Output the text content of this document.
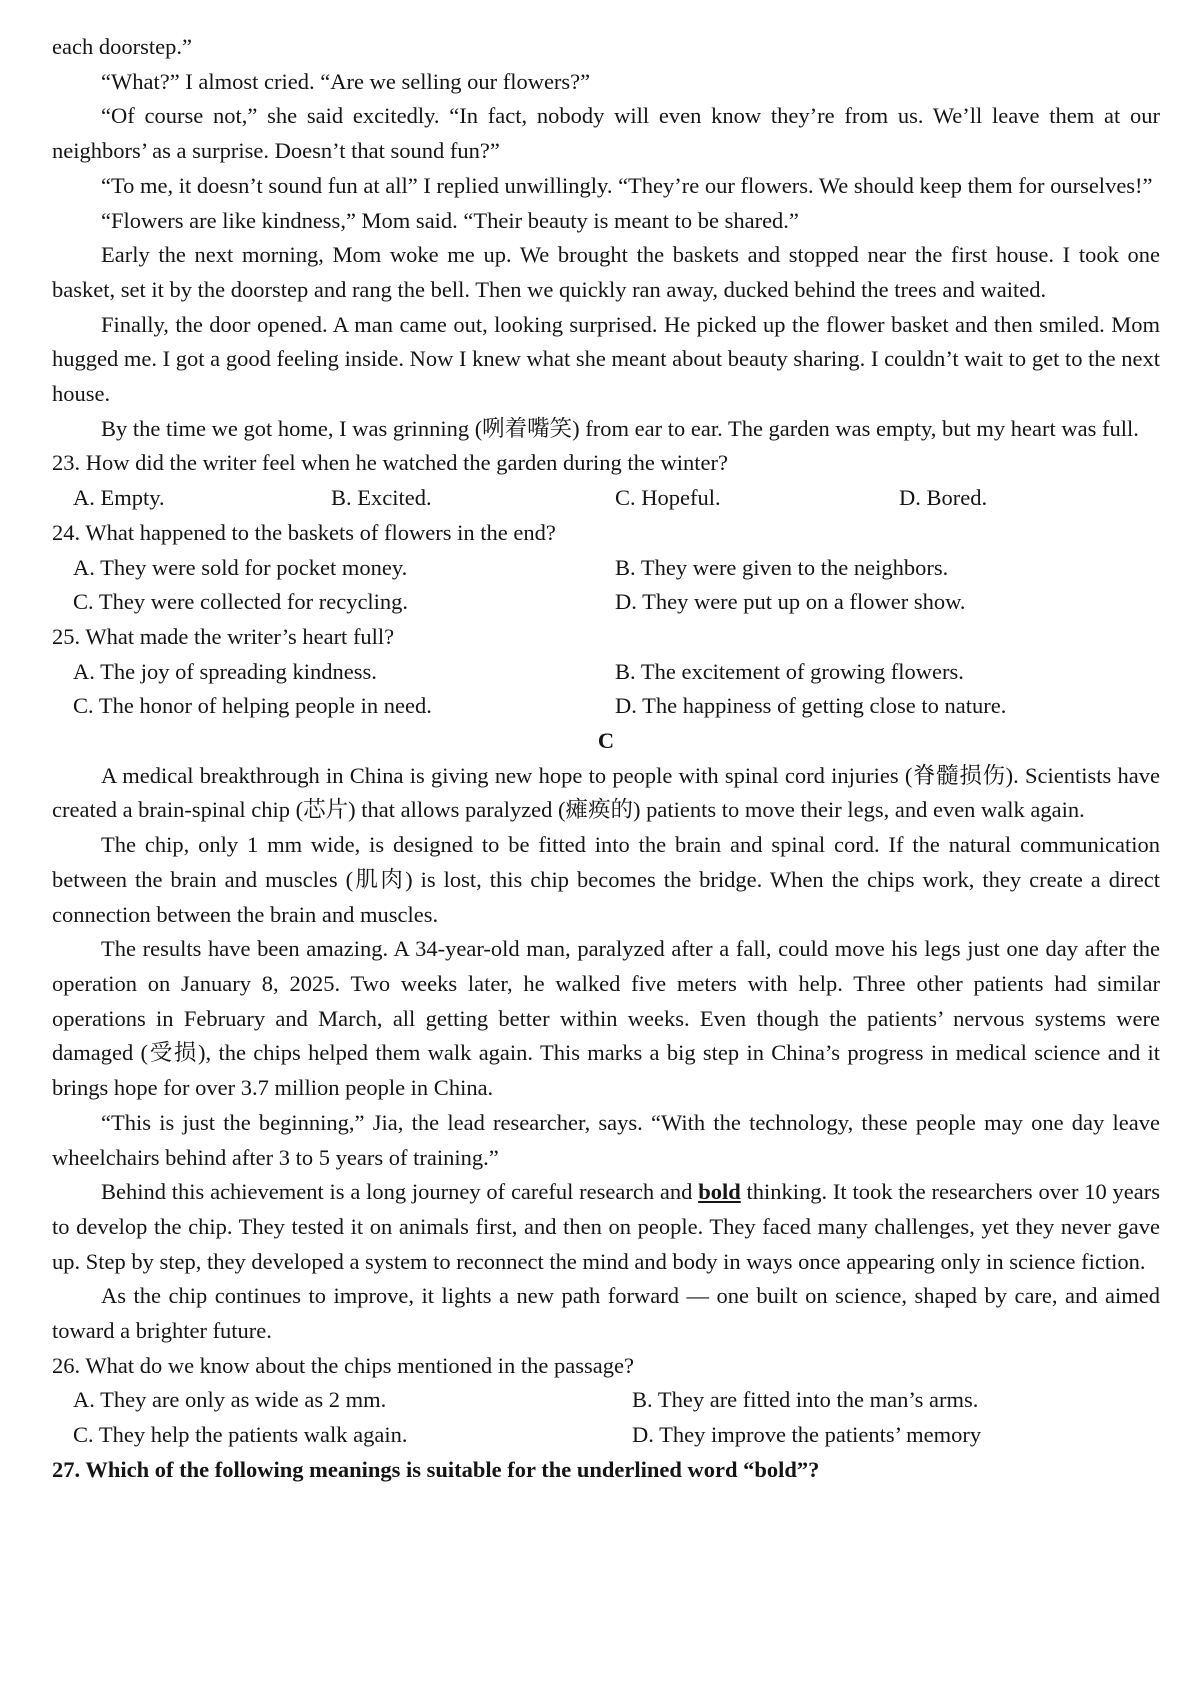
each doorstep.”

“What?” I almost cried. “Are we selling our flowers?”

“Of course not,” she said excitedly. “In fact, nobody will even know they’re from us. We’ll leave them at our neighbors’ as a surprise. Doesn’t that sound fun?”

“To me, it doesn’t sound fun at all” I replied unwillingly. “They’re our flowers. We should keep them for ourselves!”

“Flowers are like kindness,” Mom said. “Their beauty is meant to be shared.”

Early the next morning, Mom woke me up. We brought the baskets and stopped near the first house. I took one basket, set it by the doorstep and rang the bell. Then we quickly ran away, ducked behind the trees and waited.

Finally, the door opened. A man came out, looking surprised. He picked up the flower basket and then smiled. Mom hugged me. I got a good feeling inside. Now I knew what she meant about beauty sharing. I couldn’t wait to get to the next house.

By the time we got home, I was grinning (咧着嘴笑) from ear to ear. The garden was empty, but my heart was full.

23. How did the writer feel when he watched the garden during the winter?

A. Empty.	B. Excited.	C. Hopeful.	D. Bored.

24. What happened to the baskets of flowers in the end?

A. They were sold for pocket money.	B. They were given to the neighbors.
C. They were collected for recycling.	D. They were put up on a flower show.

25. What made the writer’s heart full?

A. The joy of spreading kindness.	B. The excitement of growing flowers.
C. The honor of helping people in need.	D. The happiness of getting close to nature.

C

A medical breakthrough in China is giving new hope to people with spinal cord injuries (脊髓损伤). Scientists have created a brain-spinal chip (芯片) that allows paralyzed (瘫痪的) patients to move their legs, and even walk again.

The chip, only 1 mm wide, is designed to be fitted into the brain and spinal cord. If the natural communication between the brain and muscles (肌肉) is lost, this chip becomes the bridge. When the chips work, they create a direct connection between the brain and muscles.

The results have been amazing. A 34-year-old man, paralyzed after a fall, could move his legs just one day after the operation on January 8, 2025. Two weeks later, he walked five meters with help. Three other patients had similar operations in February and March, all getting better within weeks. Even though the patients’ nervous systems were damaged (受损), the chips helped them walk again. This marks a big step in China’s progress in medical science and it brings hope for over 3.7 million people in China.

“This is just the beginning,” Jia, the lead researcher, says. “With the technology, these people may one day leave wheelchairs behind after 3 to 5 years of training.”

Behind this achievement is a long journey of careful research and bold thinking. It took the researchers over 10 years to develop the chip. They tested it on animals first, and then on people. They faced many challenges, yet they never gave up. Step by step, they developed a system to reconnect the mind and body in ways once appearing only in science fiction.

As the chip continues to improve, it lights a new path forward — one built on science, shaped by care, and aimed toward a brighter future.

26. What do we know about the chips mentioned in the passage?

A. They are only as wide as 2 mm.	B. They are fitted into the man’s arms.
C. They help the patients walk again.	D. They improve the patients’ memory

27. Which of the following meanings is suitable for the underlined word “bold”?
